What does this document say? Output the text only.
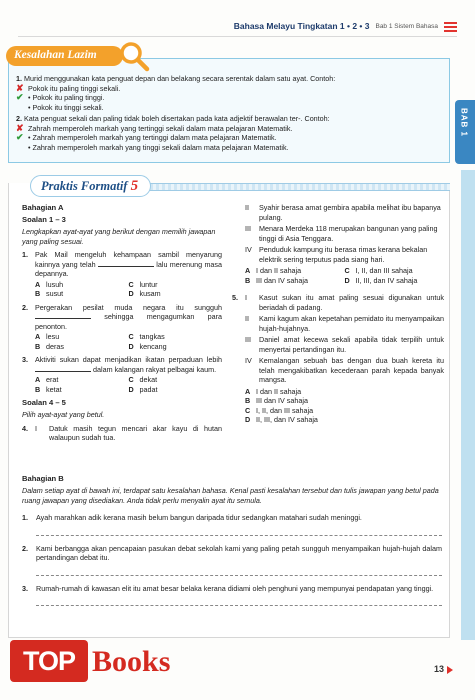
Bahasa Melayu Tingkatan 1 • 2 • 3 Bab 1 Sistem Bahasa
BAB 1
1. Murid menggunakan kata penguat depan dan belakang secara serentak dalam satu ayat. Contoh:
✘ Pokok itu paling tinggi sekali.
✔ • Pokok itu paling tinggi.
• Pokok itu tinggi sekali.
2. Kata penguat sekali dan paling tidak boleh disertakan pada kata adjektif berawalan ter-. Contoh:
✘ Zahrah memperoleh markah yang tertinggi sekali dalam mata pelajaran Matematik.
✔ • Zahrah memperoleh markah yang tertinggi dalam mata pelajaran Matematik.
• Zahrah memperoleh markah yang tinggi sekali dalam mata pelajaran Matematik.
Kesalahan Lazim
Praktis Formatif 5
Bahagian A
Soalan 1 – 3
Lengkapkan ayat-ayat yang berikut dengan memilih jawapan yang paling sesuai.
1. Pak Mail mengeluh kehampaan sambil menyarung kainnya yang telah	lalu merenung masa depannya.
A lusuh	C luntur
B susut	D kusam
2. Pergerakan pesilat muda negara itu sungguh  sehingga mengagumkan para penonton.
A lesu	C tangkas
B deras	D kencang
3. Aktiviti sukan dapat menjadikan ikatan perpaduan lebih  dalam kalangan rakyat pelbagai kaum.
A erat	C dekat
B ketat	D padat
Soalan 4 – 5
Pilih ayat-ayat yang betul.
4. I	Datuk masih tegun mencari akar kayu di hutan walaupun sudah tua.
II	Syahir berasa amat gembira apabila melihat ibu bapanya pulang.
III	Menara Merdeka 118 merupakan bangunan yang paling tinggi di Asia Tenggara.
IV	Penduduk kampung itu berasa rimas kerana bekalan elektrik sering terputus pada siang hari.
A I dan II sahaja	C I, II, dan III sahaja
B III dan IV sahaja	D II, III, dan IV sahaja
5. I	Kasut sukan itu amat paling sesuai digunakan untuk beriadah di padang.
II	Kami kagum akan kepetahan pemidato itu menyampaikan hujah-hujahnya.
III	Daniel amat kecewa sekali apabila tidak terpilih untuk menyertai pertandingan itu.
IV	Kemalangan sebuah bas dengan dua buah kereta itu telah mengakibatkan kecederaan parah kepada banyak mangsa.
A I dan II sahaja
B III dan IV sahaja
C I, II, dan III sahaja
D II, III, dan IV sahaja
Bahagian B
Dalam setiap ayat di bawah ini, terdapat satu kesalahan bahasa. Kenal pasti kesalahan tersebut dan tulis jawapan yang betul pada ruang jawapan yang disediakan. Anda tidak perlu menyalin ayat itu semula.
1.	Ayah marahkan adik kerana masih belum bangun daripada tidur sedangkan matahari sudah meninggi.
2.	Kami berbangga akan pencapaian pasukan debat sekolah kami yang paling petah sungguh menyampaikan hujah-hujah dalam pertandingan debat itu.
3.	Rumah-rumah di kawasan elit itu amat besar belaka kerana didiami oleh penghuni yang mempunyai pendapatan yang tinggi.
TOP Books	13
